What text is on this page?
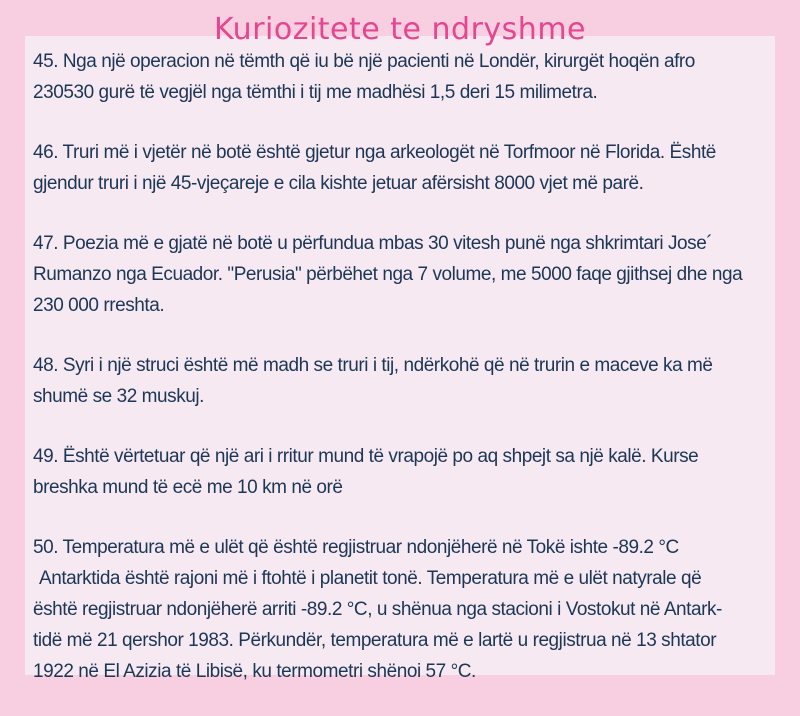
Kuriozitete te ndryshme

45. Nga një operacion në tëmth që iu bë një pacienti në Londër, kirurgët hoqën afro
230530 gurë të vegjël nga tëmthi i tij me madhësi 1,5 deri 15 milimetra.

46. Truri më i vjetër në botë është gjetur nga arkeologët në Torfmoor në Florida. Është
gjendur truri i një 45-vjeçareje e cila kishte jetuar afërsisht 8000 vjet më parë.

47. Poezia më e gjatë në botë u përfundua mbas 30 vitesh punë nga shkrimtari Jose´
Rumanzo nga Ecuador. "Perusia" përbëhet nga 7 volume, me 5000 faqe gjithsej dhe nga
230 000 rreshta.

48. Syri i një struci është më madh se truri i tij, ndërkohë që në trurin e maceve ka më
shumë se 32 muskuj.

49. Është vërtetuar që një ari i rritur mund të vrapojë po aq shpejt sa një kalë. Kurse
breshka mund të ecë me 10 km në orë

50. Temperatura më e ulët që është regjistruar ndonjëherë në Tokë ishte -89.2 °C
Antarktida është rajoni më i ftohtë i planetit tonë. Temperatura më e ulët natyrale që
është regjistruar ndonjëherë arriti -89.2 °C, u shënua nga stacioni i Vostokut në Antark-
tidë më 21 qershor 1983. Përkundër, temperatura më e lartë u regjistrua në 13 shtator
1922 në El Azizia të Libisë, ku termometri shënoi 57 °C.
